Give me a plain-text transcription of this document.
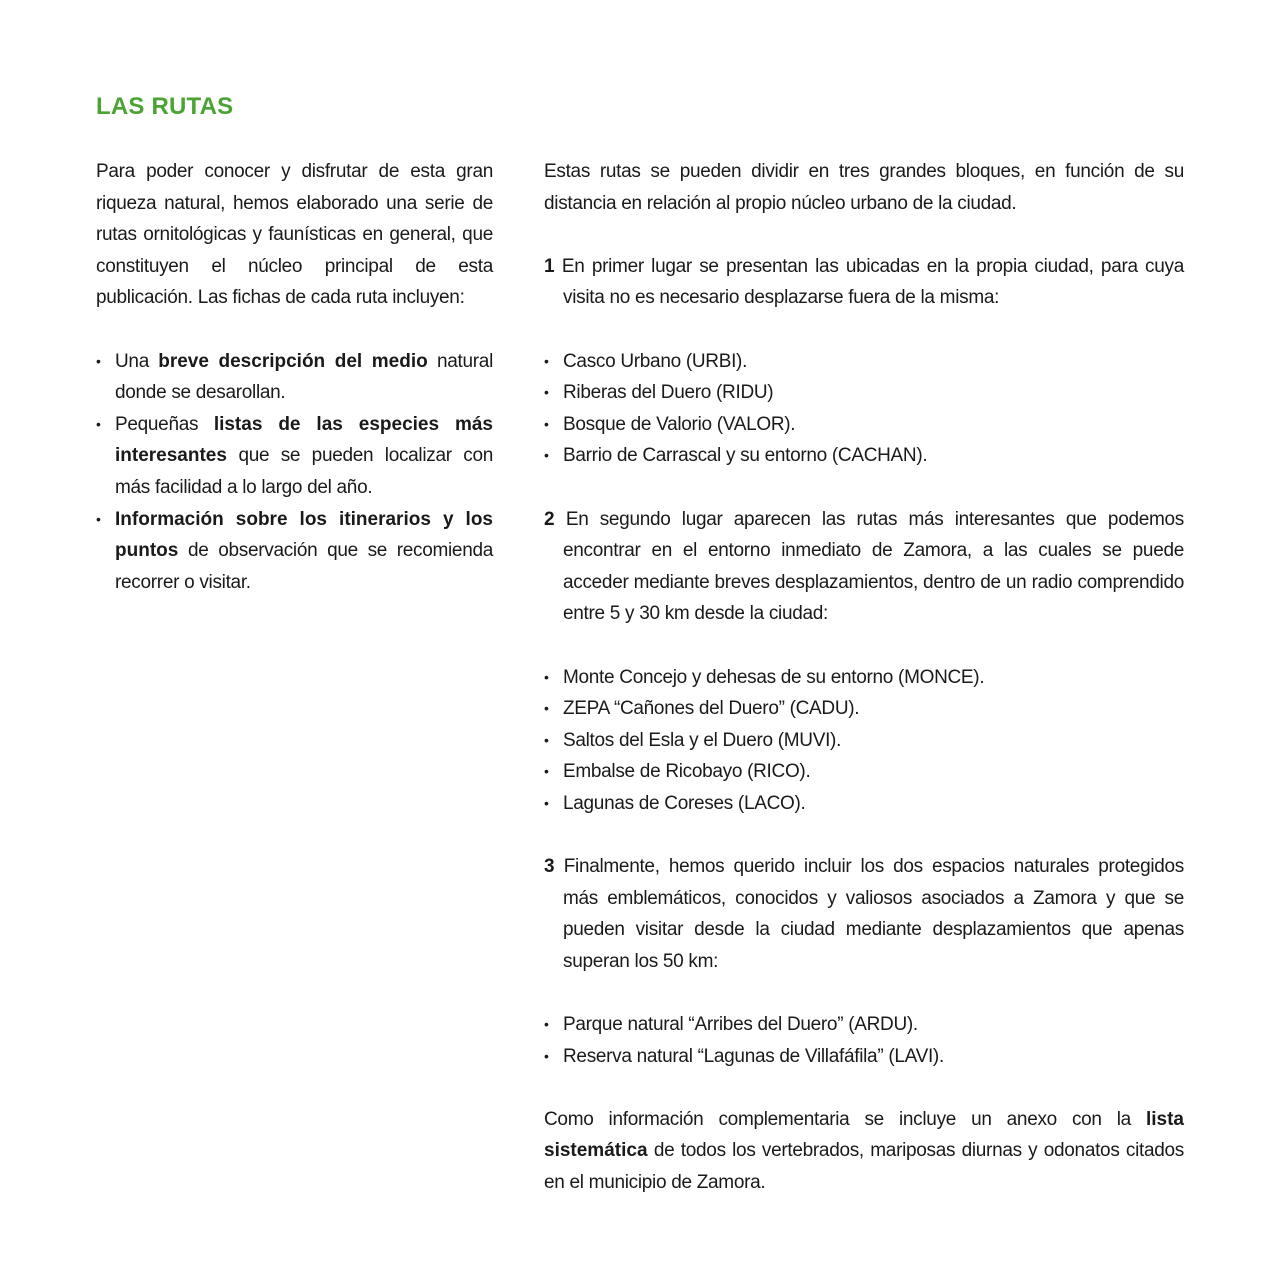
LAS RUTAS

Para poder conocer y disfrutar de esta gran riqueza natural, hemos elaborado una serie de rutas ornitológicas y faunísticas en general, que constituyen el núcleo principal de esta publicación. Las fichas de cada ruta incluyen:

• Una breve descripción del medio natural donde se desarollan.
• Pequeñas listas de las especies más interesantes que se pueden localizar con más facilidad a lo largo del año.
• Información sobre los itinerarios y los puntos de observación que se recomienda recorrer o visitar.

Estas rutas se pueden dividir en tres grandes bloques, en función de su distancia en relación al propio núcleo urbano de la ciudad.

1 En primer lugar se presentan las ubicadas en la propia ciudad, para cuya visita no es necesario desplazarse fuera de la misma:

• Casco Urbano (URBI).
• Riberas del Duero (RIDU)
• Bosque de Valorio (VALOR).
• Barrio de Carrascal y su entorno (CACHAN).

2 En segundo lugar aparecen las rutas más interesantes que podemos encontrar en el entorno inmediato de Zamora, a las cuales se puede acceder mediante breves desplazamientos, dentro de un radio comprendido entre 5 y 30 km desde la ciudad:

• Monte Concejo y dehesas de su entorno (MONCE).
• ZEPA “Cañones del Duero” (CADU).
• Saltos del Esla y el Duero (MUVI).
• Embalse de Ricobayo (RICO).
• Lagunas de Coreses (LACO).

3 Finalmente, hemos querido incluir los dos espacios naturales protegidos más emblemáticos, conocidos y valiosos asociados a Zamora y que se pueden visitar desde la ciudad mediante desplazamientos que apenas superan los 50 km:

• Parque natural “Arribes del Duero” (ARDU).
• Reserva natural “Lagunas de Villafáfila” (LAVI).

Como información complementaria se incluye un anexo con la lista sistemática de todos los vertebrados, mariposas diurnas y odonatos citados en el municipio de Zamora.
